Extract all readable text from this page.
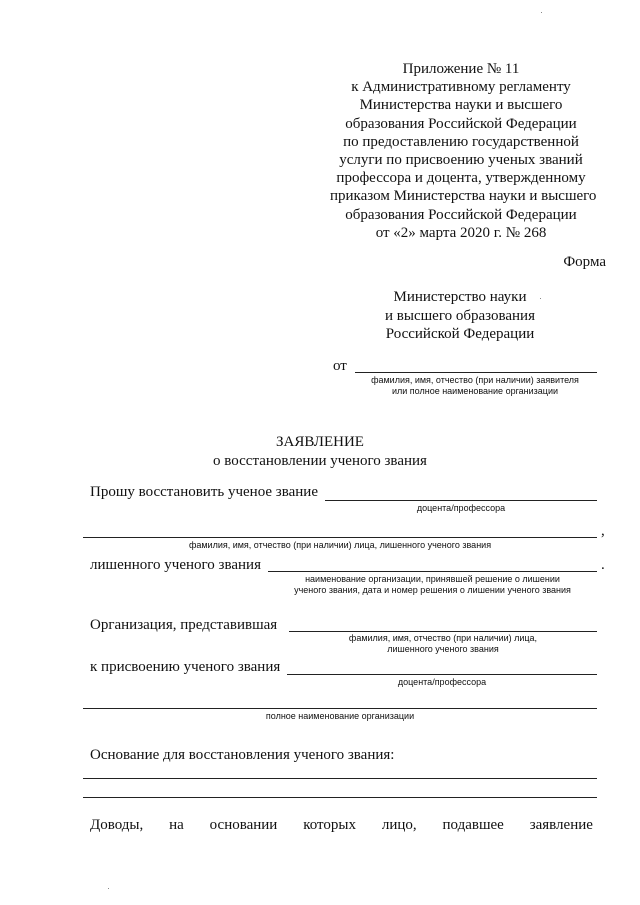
Приложение № 11
к Административному регламенту
Министерства науки и высшего
образования Российской Федерации
по предоставлению государственной
услуги по присвоению ученых званий
профессора и доцента, утвержденному
приказом Министерства науки и высшего
образования Российской Федерации
от «2» марта 2020 г. № 268
Форма
Министерство науки
и высшего образования
Российской Федерации
от
фамилия, имя, отчество (при наличии) заявителя
или полное наименование организации
ЗАЯВЛЕНИЕ
о восстановлении ученого звания
Прошу восстановить ученое звание
доцента/профессора
,
фамилия, имя, отчество (при наличии) лица, лишенного ученого звания
лишенного ученого звания	.
наименование организации, принявшей решение о лишении
ученого звания, дата и номер решения о лишении ученого звания
Организация, представившая
фамилия, имя, отчество (при наличии) лица,
лишенного ученого звания
к присвоению ученого звания
доцента/профессора
полное наименование организации
Основание для восстановления ученого звания:
Доводы, на основании которых лицо, подавшее заявление
